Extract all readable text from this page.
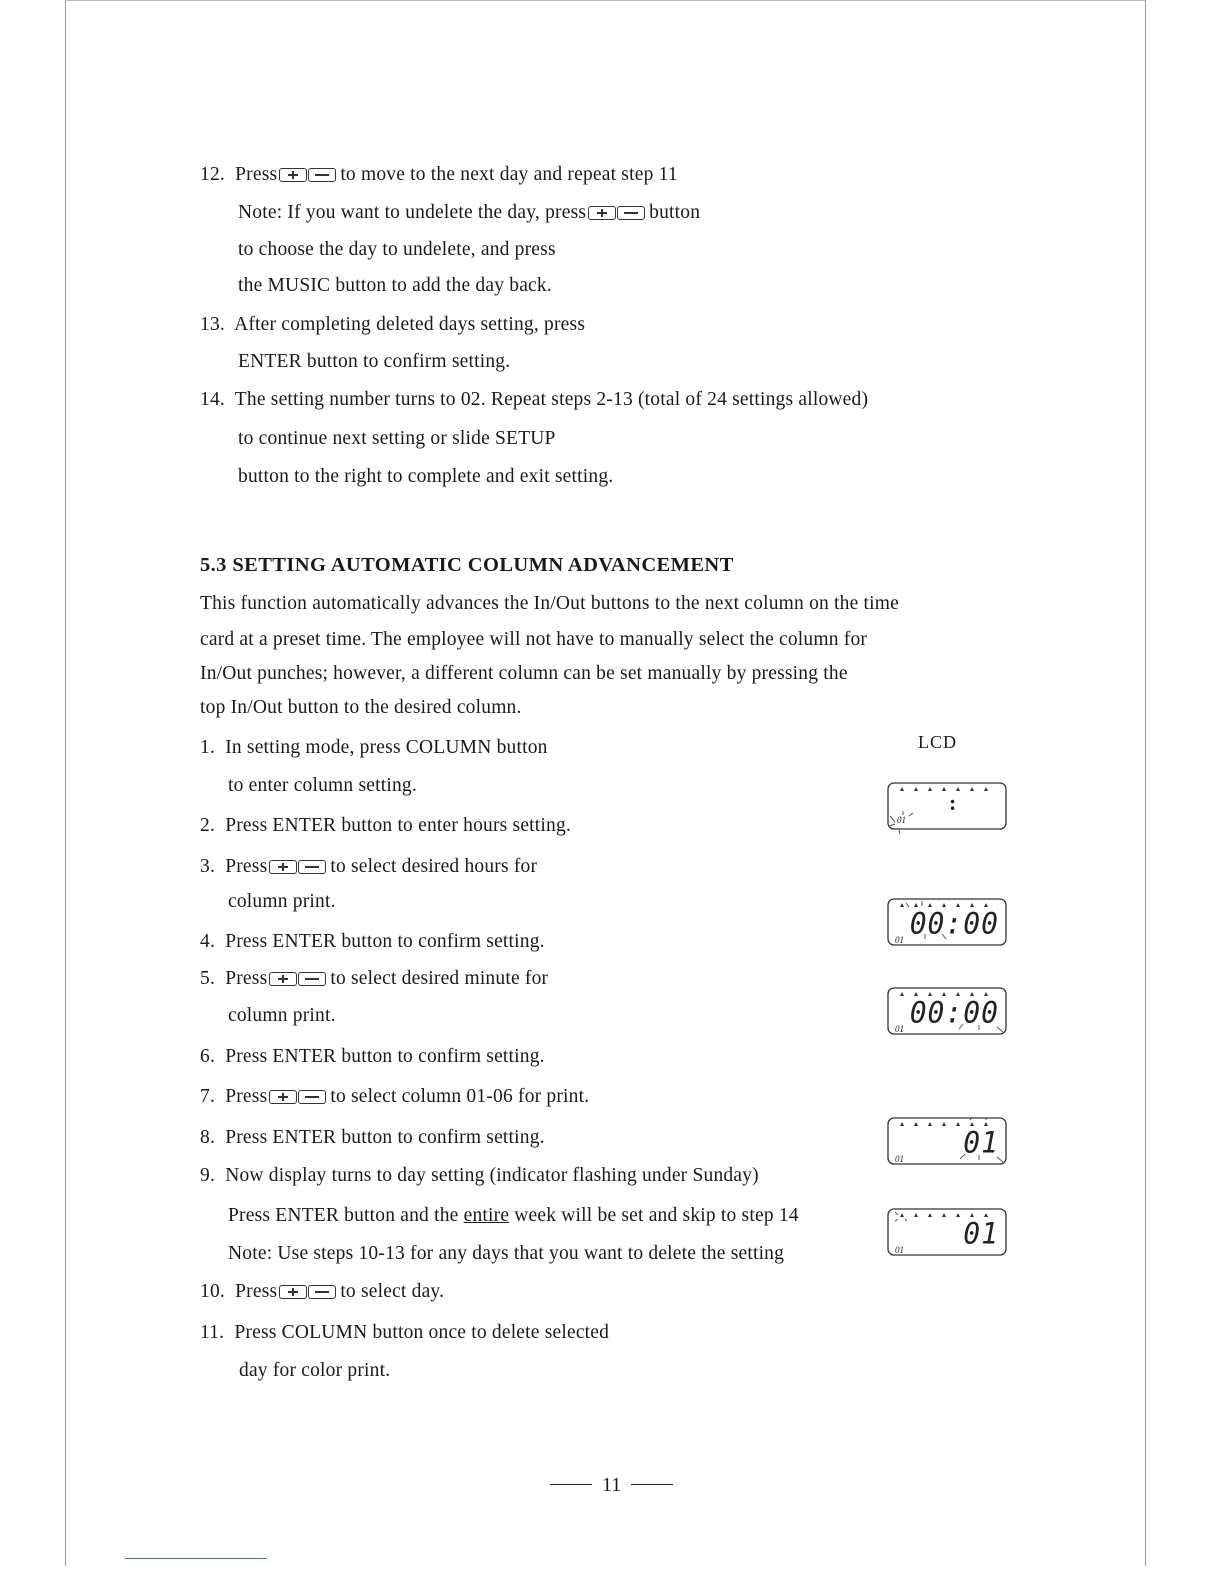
12. Press	to move to the next day and repeat step 11
Note: If you want to undelete the day, press	button
to choose the day to undelete, and press
the MUSIC button to add the day back.
13. After completing deleted days setting, press
ENTER button to confirm setting.
14. The setting number turns to 02. Repeat steps 2-13 (total of 24 settings allowed)
to continue next setting or slide SETUP
button to the right to complete and exit setting.
5.3 SETTING AUTOMATIC COLUMN ADVANCEMENT
This function automatically advances the In/Out buttons to the next column on the time
card at a preset time. The employee will not have to manually select the column for
In/Out punches; however, a different column can be set manually by pressing the
top In/Out button to the desired column.
LCD
1. In setting mode, press COLUMN button
to enter column setting.
2. Press ENTER button to enter hours setting.
3. Press	to select desired hours for
column print.
4. Press ENTER button to confirm setting.
5. Press	to select desired minute for
column print.
6. Press ENTER button to confirm setting.
7. Press	to select column 01-06 for print.
8. Press ENTER button to confirm setting.
9. Now display turns to day setting (indicator flashing under Sunday)
Press ENTER button and the entire week will be set and skip to step 14
Note: Use steps 10-13 for any days that you want to delete the setting
10. Press	to select day.
11. Press COLUMN button once to delete selected
day for color print.
:
01
00:00
01
00:00
01
01
01
01
01
11
